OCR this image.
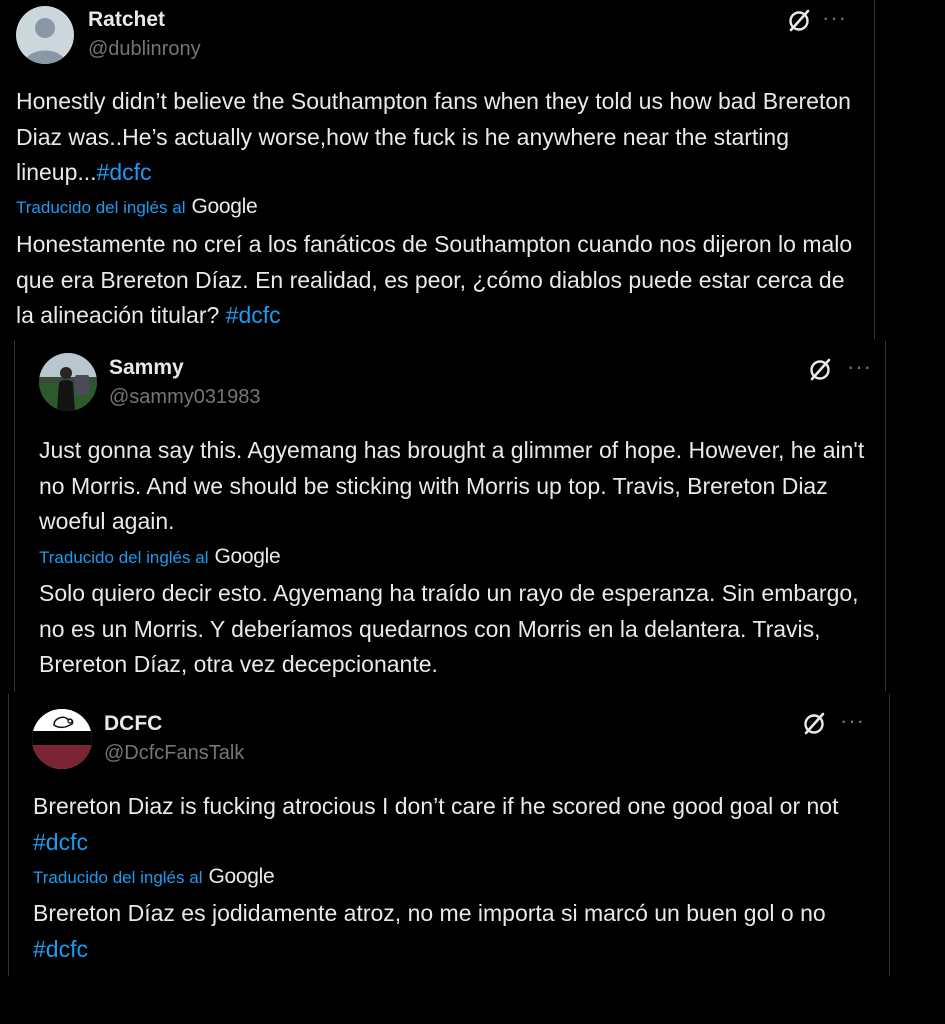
Ratchet
@dublinrony
···
Honestly didn’t believe the Southampton fans when they told us how bad Brereton Diaz was..He’s actually worse,how the fuck is he anywhere near the starting lineup...#dcfc
Traducido del inglés al Google
Honestamente no creí a los fanáticos de Southampton cuando nos dijeron lo malo que era Brereton Díaz. En realidad, es peor, ¿cómo diablos puede estar cerca de la alineación titular? #dcfc
Sammy
@sammy031983
···
Just gonna say this. Agyemang has brought a glimmer of hope. However, he ain't no Morris. And we should be sticking with Morris up top. Travis, Brereton Diaz woeful again.
Traducido del inglés al Google
Solo quiero decir esto. Agyemang ha traído un rayo de esperanza. Sin embargo, no es un Morris. Y deberíamos quedarnos con Morris en la delantera. Travis, Brereton Díaz, otra vez decepcionante.
DCFC
@DcfcFansTalk
···
Brereton Diaz is fucking atrocious I don’t care if he scored one good goal or not #dcfc
Traducido del inglés al Google
Brereton Díaz es jodidamente atroz, no me importa si marcó un buen gol o no #dcfc
